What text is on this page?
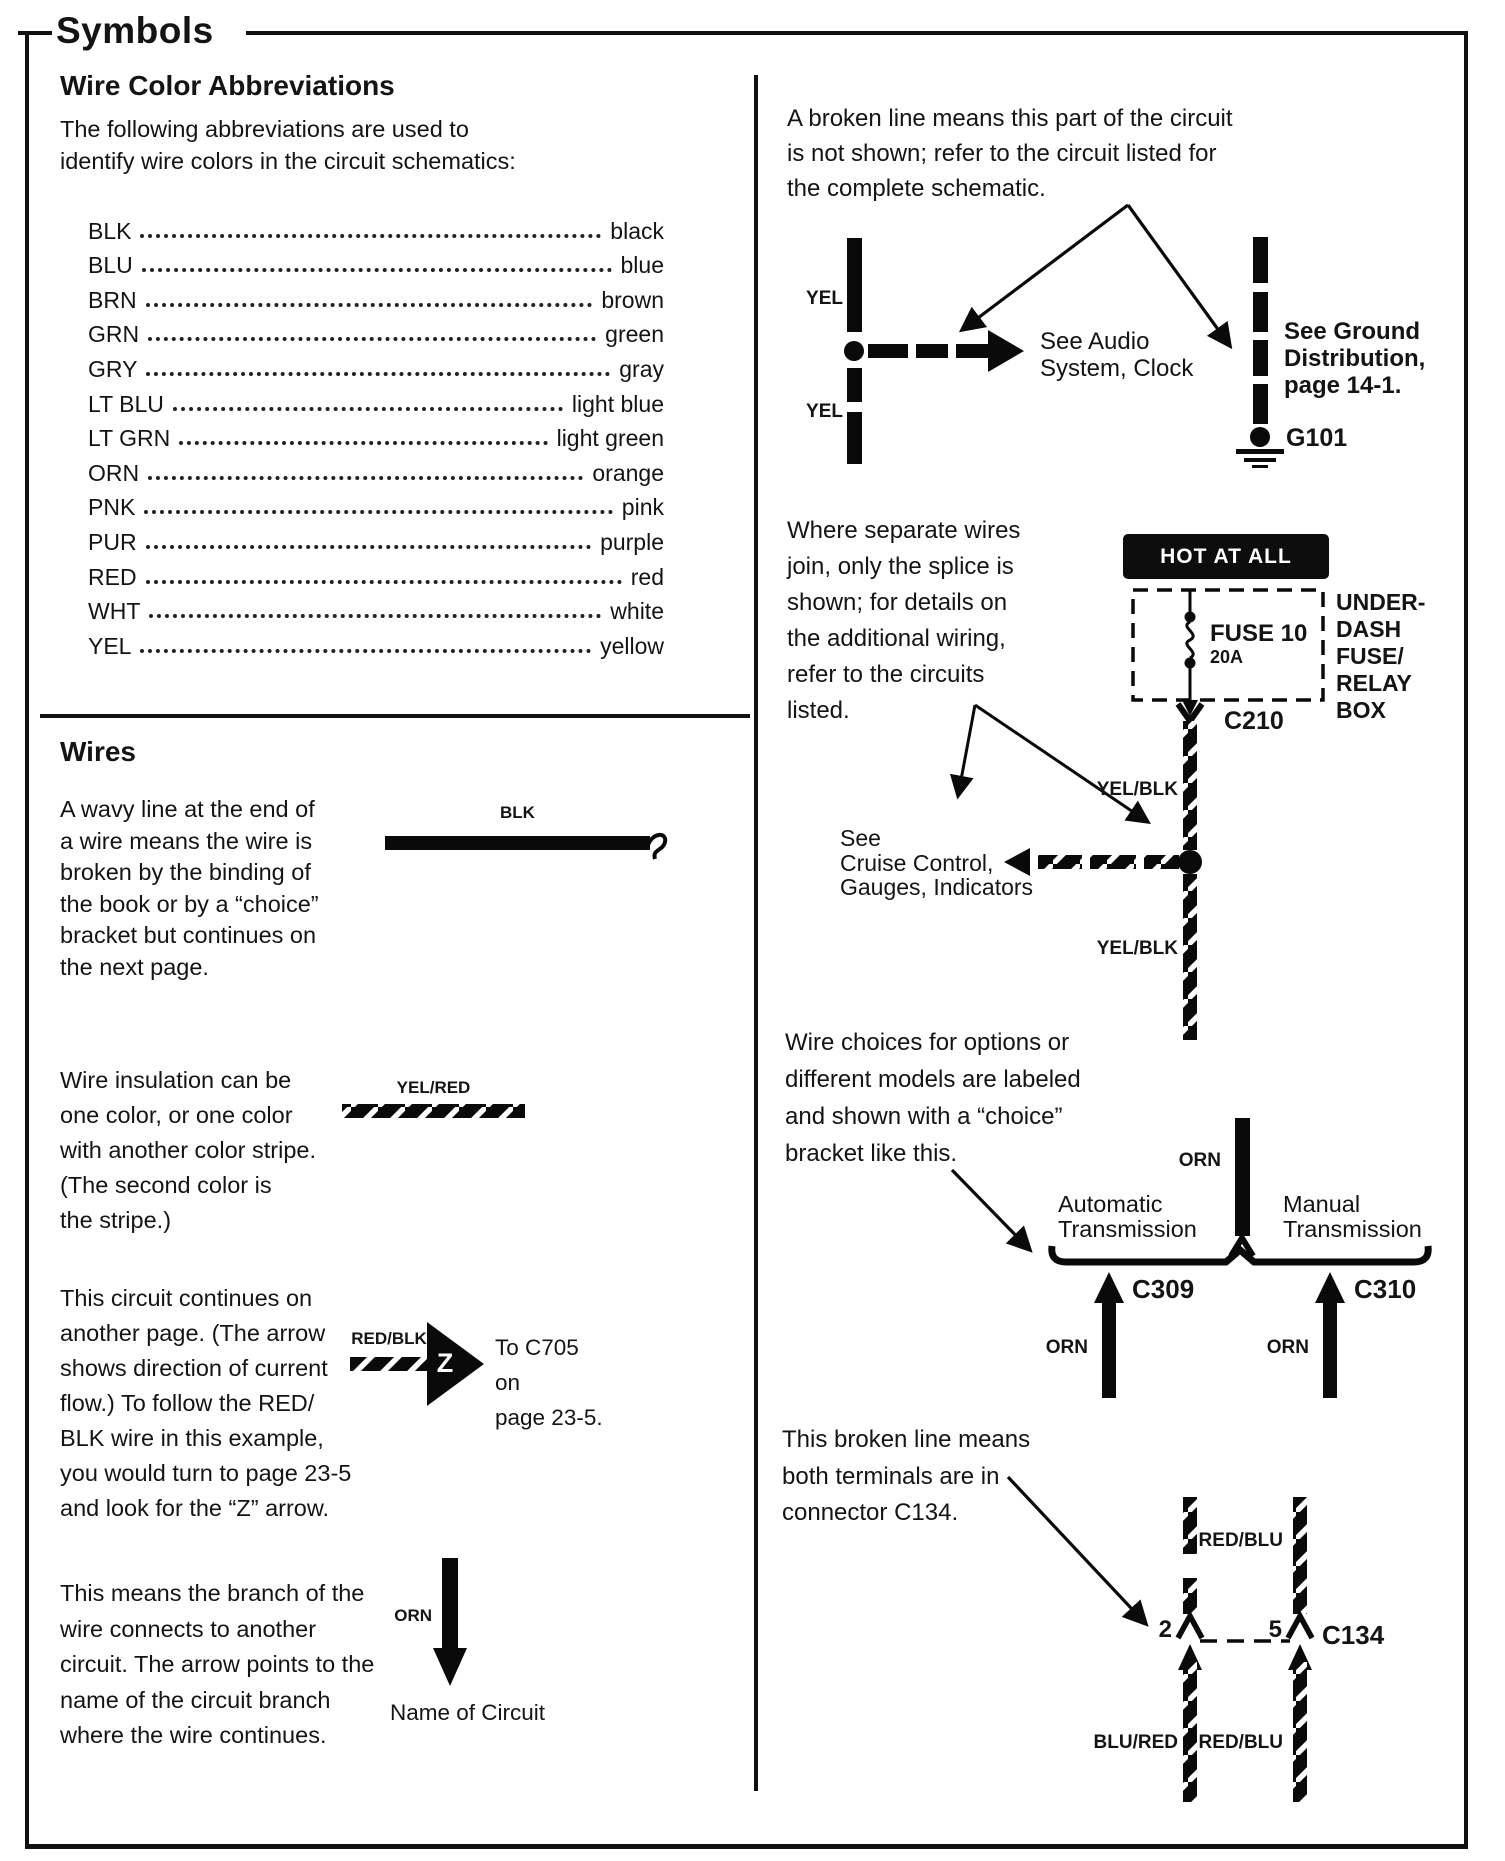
Symbols
Wire Color Abbreviations
The following abbreviations are used to
identify wire colors in the circuit schematics:
BLK	black
BLU	blue
BRN	brown
GRN	green
GRY	gray
LT BLU	light blue
LT GRN	light green
ORN	orange
PNK	pink
PUR	purple
RED	red
WHT	white
YEL	yellow
Wires
A wavy line at the end of
a wire means the wire is
broken by the binding of
the book or by a “choice”
bracket but continues on
the next page.
Wire insulation can be
one color, or one color
with another color stripe.
(The second color is
the stripe.)
This circuit continues on
another page. (The arrow
shows direction of current
flow.) To follow the RED/
BLK wire in this example,
you would turn to page 23-5
and look for the “Z” arrow.
This means the branch of the
wire connects to another
circuit. The arrow points to the
name of the circuit branch
where the wire continues.
A broken line means this part of the circuit
is not shown; refer to the circuit listed for
the complete schematic.
Where separate wires
join, only the splice is
shown; for details on
the additional wiring,
refer to the circuits
listed.
Wire choices for options or
different models are labeled
and shown with a “choice”
bracket like this.
This broken line means
both terminals are in
connector C134.
BLK
YEL/RED
RED/BLK
Z
To C705
on
page 23-5.
ORN
Name of Circuit
YEL
YEL
See Audio
System, Clock
See Ground
Distribution,
page 14-1.
G101
HOT AT ALL TIMES
FUSE 10
20A
UNDER-
DASH
FUSE/
RELAY
BOX
C210
YEL/BLK
See
Cruise Control,
Gauges, Indicators
YEL/BLK
ORN
Automatic
Transmission
Manual
Transmission
C309	C310
ORN	ORN
RED/BLU
2	5 C134
BLU/RED	RED/BLU
